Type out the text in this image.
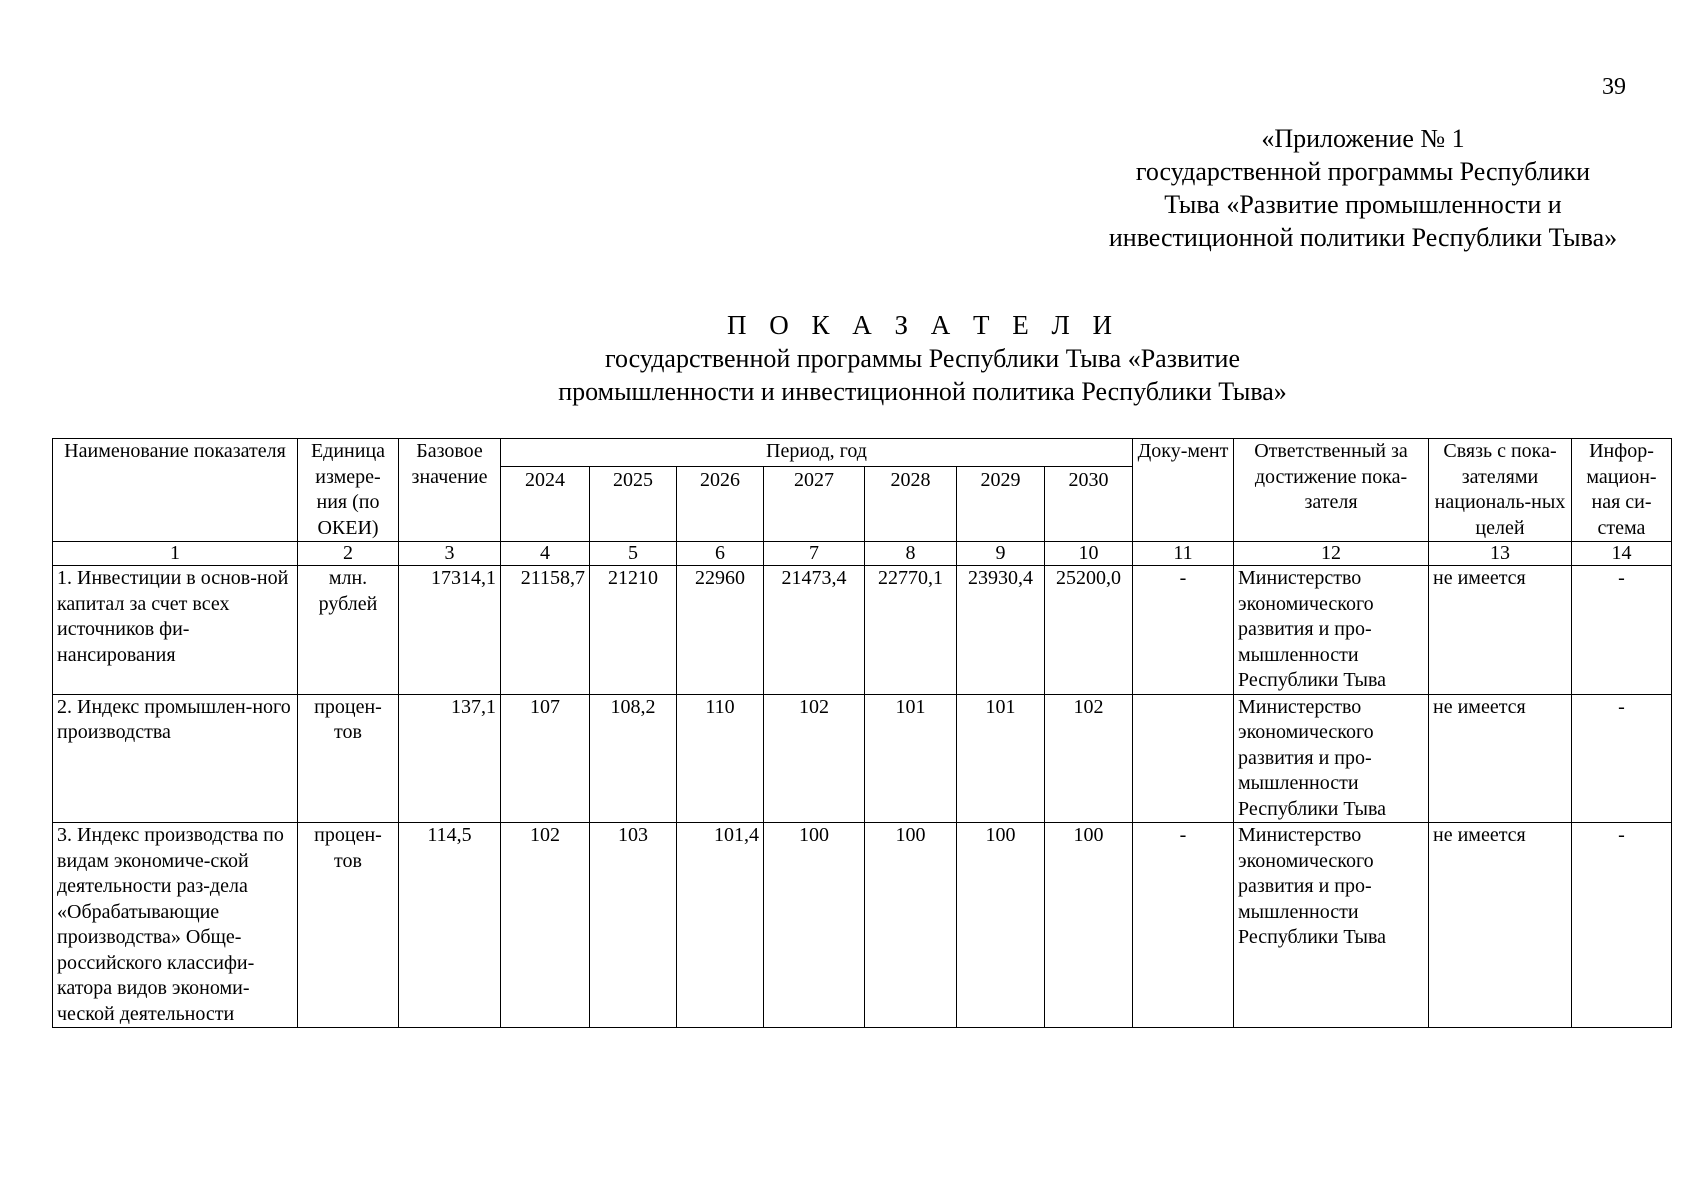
39
«Приложение № 1
государственной программы Республики
Тыва «Развитие промышленности и
инвестиционной политики Республики Тыва»
П О К А З А Т Е Л И
государственной программы Республики Тыва «Развитие
промышленности и инвестиционной политика Республики Тыва»
Наименование показателя	Единица измере-ния (по ОКЕИ)	Базовое значение	Период, год							Доку-мент	Ответственный за достижение пока-зателя	Связь с пока-зателями националь-ных целей	Инфор-мацион-ная си-стема
			2024	2025	2026	2027	2028	2029	2030				
1	2	3	4	5	6	7	8	9	10	11	12	13	14
1. Инвестиции в основ-ной капитал за счет всех источников фи-нансирования	млн. рублей	17314,1	21158,7	21210	22960	21473,4	22770,1	23930,4	25200,0	-	Министерство экономического развития и про-мышленности Республики Тыва	не имеется	-
2. Индекс промышлен-ного производства	процен-тов	137,1	107	108,2	110	102	101	101	102		Министерство экономического развития и про-мышленности Республики Тыва	не имеется	-
3. Индекс производства по видам экономиче-ской деятельности раз-дела «Обрабатывающие производства» Обще-российского классифи-катора видов экономи-ческой деятельности	процен-тов	114,5	102	103	101,4	100	100	100	100	-	Министерство экономического развития и про-мышленности Республики Тыва	не имеется	-
